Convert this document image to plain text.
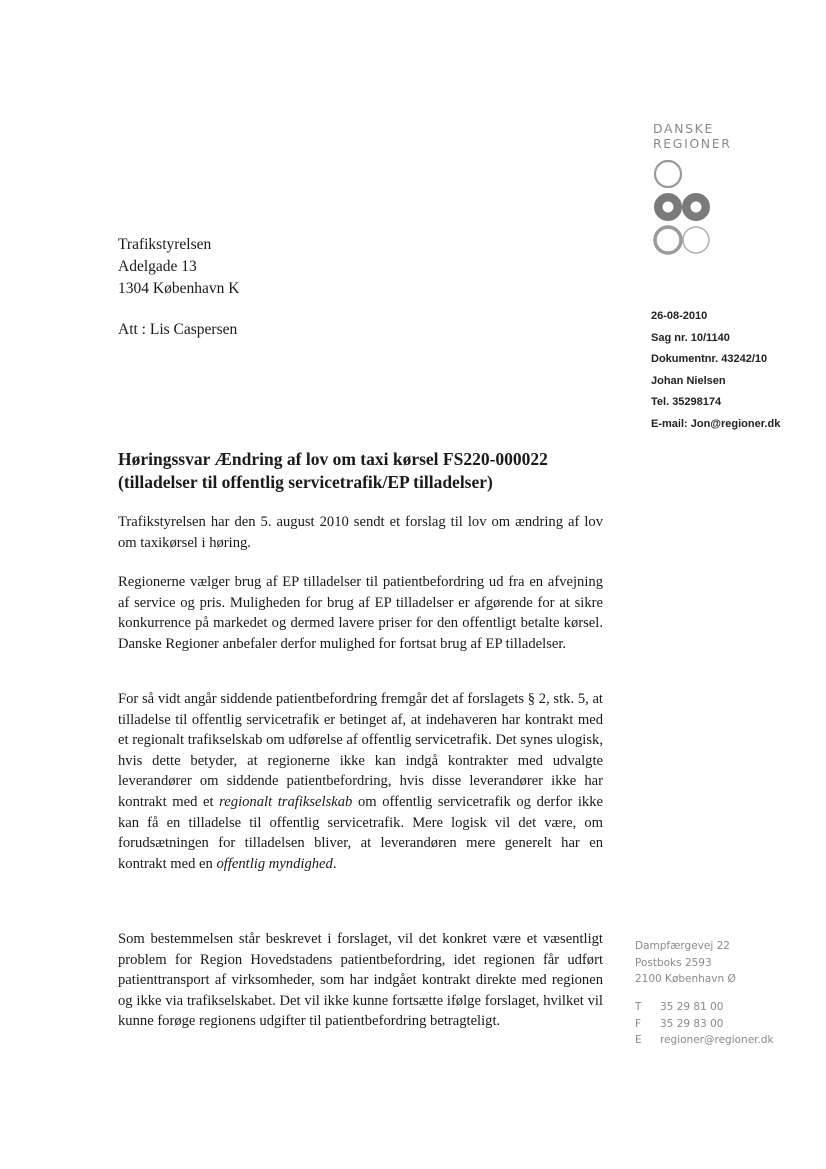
DANSKE
REGIONER
Trafikstyrelsen
Adelgade 13
1304 København K
Att : Lis Caspersen
26-08-2010
Sag nr. 10/1140
Dokumentnr. 43242/10
Johan Nielsen
Tel. 35298174
E-mail: Jon@regioner.dk
Høringssvar Ændring af lov om taxi kørsel FS220-000022 (tilladelser til offentlig servicetrafik/EP tilladelser)
Trafikstyrelsen har den 5. august 2010 sendt et forslag til lov om ændring af lov om taxikørsel i høring.
Regionerne vælger brug af EP tilladelser til patientbefordring ud fra en afvejning af service og pris. Muligheden for brug af EP tilladelser er afgørende for at sikre konkurrence på markedet og dermed lavere priser for den offentligt betalte kørsel. Danske Regioner anbefaler derfor mulighed for fortsat brug af EP tilladelser.
For så vidt angår siddende patientbefordring fremgår det af forslagets § 2, stk. 5, at tilladelse til offentlig servicetrafik er betinget af, at indehaveren har kontrakt med et regionalt trafikselskab om udførelse af offentlig servicetrafik. Det synes ulogisk, hvis dette betyder, at regionerne ikke kan indgå kontrakter med udvalgte leverandører om siddende patientbefordring, hvis disse leverandører ikke har kontrakt med et regionalt trafikselskab om offentlig servicetrafik og derfor ikke kan få en tilladelse til offentlig servicetrafik. Mere logisk vil det være, om forudsætningen for tilladelsen bliver, at leverandøren mere generelt har en kontrakt med en offentlig myndighed.
Som bestemmelsen står beskrevet i forslaget, vil det konkret være et væsentligt problem for Region Hovedstadens patientbefordring, idet regionen får udført patienttransport af virksomheder, som har indgået kontrakt direkte med regionen og ikke via trafikselskabet. Det vil ikke kunne fortsætte ifølge forslaget, hvilket vil kunne forøge regionens udgifter til patientbefordring betragteligt.
Dampfærgevej 22
Postboks 2593
2100 København Ø
T 35 29 81 00
F 35 29 83 00
E regioner@regioner.dk
